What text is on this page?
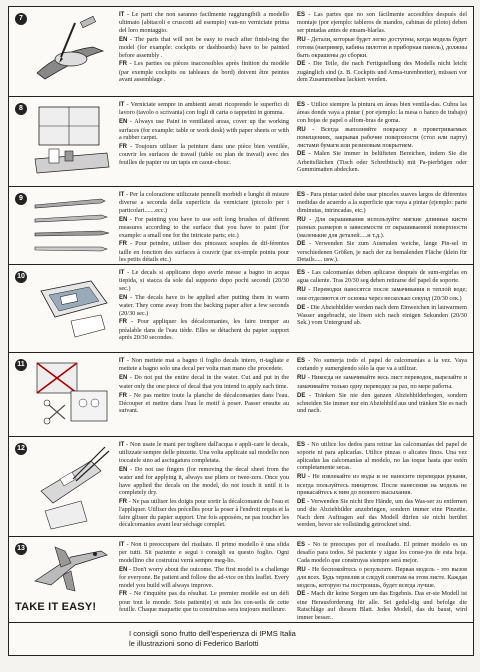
7	IT - Le parti che non saranno facilmente raggiungibili a modello ultimato (abitacoli e cruscotti ad esempio) van-no verniciate prima del loro montaggio.

EN - The parts that will not be easy to reach after finish-ing the model (for example: cockpits or dashboards) have to be painted before assembly .

FR - Les parties ou pièces inaccessibles après finition du modèle (par exemple cockpits ou tableaux de bord) doivent être peintes avant assemblage .

ES - Las partes que no son fácilmente accesibles después del montaje (por ejemplo: tableros de mandos, cabinas de piloto) deben ser pintadas antes de ensam-blarlas.

RU - Детали, которые будет легко доступны, когда модель будет готова (например, кабина пилотов и приборная панель), должны быть окрашены до сборки.

DE - Die Teile, die nach Fertigstellung des Modells nicht leicht zugänglich sind (z. B. Cockpits und Arma-turenbretter), müssen vor dem Zusammenbau lackiert werden.

8	IT - Verniciate sempre in ambienti aerati ricoprendo le superfici di lavoro (tavolo o scrivania) con fogli di carta o tappetini in gomma.

EN - Always use Paint in ventilated areas, cover up the working surfaces (for example: table or work desk) with paper sheets or with a rubber carpet.

FR - Toujours utiliser la peinture dans une pièce bien ventilée, couvrir les surfaces de travail (table ou plan de travail) avec des feuilles de papier ou un tapis en caout-chouc.

ES - Utilice siempre la pintura en áreas bien ventila-das. Cubra las áreas donde vaya a pintar ( por ejemplo: la mesa o banco de trabajo) con hojas de papel o alfom-bras de goma.

RU - Всегда выполняйте покраску в проветриваемых помещениях, закрывая рабочие поверхности (стол или парту) листами бумаги или резиновым покрытием.

DE - Malen Sie immer in belüfteten Bereichen, indem Sie die Arbeitsflächen (Tisch oder Schreibtisch) mit Pa-pierbögen oder Gummimatten abdecken.

9	IT - Per la colorazione utilizzate pennelli morbidi e lunghi di misure diverse a seconda della superficie da verniciare (piccolo per i particolari.......ecc.)

EN - For painting you have to use soft long brushes of different measures according to the surface that you have to paint (for example: a small one for the intricate parts; etc.)

FR - Pour peindre, utiliser des pinceaux souples de dif-férentes taille en fonction des surfaces à couvrir (par ex-emple pointu pour les petits détails etc.)

ES - Para pintar usted debe usar pinceles suaves largos de diferentes medidas de acuerdo a la superficie que vaya a pintar (ejemplo: parte diminutas, intrincadas, etc.)

RU - Для окрашивания используйте мягкие длинные кисти разных размеров в зависимости от окрашиваемой поверхности (маленькие для деталей.....и т.д.).

DE - Verwenden Sie zum Ausmalen weiche, lange Pin-sel in verschiedenen Größen, je nach der zu bemalenden Fläche (klein für Details..... usw.).

10	IT - Le decals si applicano dopo averle messe a bagno in acqua tiepida, si stacca da sole dal supporto dopo pochi secondi (20/30 sec.)

EN - The decals have to be applied after putting them in warm water. They come away from the backing paper after a few seconds (20/30 sec.)

FR - Pour appliquer les décalcomanies, les faire tremper au préalable dans de l'eau tiède. Elles se détachent du papier support après 20/30 secondes.

ES - Las calcomanías deben aplicarse después de sum-ergirlas en agua caliente. Tras 20/30 seg deben retirarse del papel de soporte.

RU - Переводки наносятся после замачивания в теплой воде; они отделяются от основы через несколько секунд (20/30 сек.)

DE - Die Abziehbilder werden nach dem Einweichen in lauwarmem Wasser angebracht, sie lösen sich nach einigen Sekunden (20/30 Sek.) vom Untergrund ab.

11	IT - Non mettete mai a bagno il foglio decals intero, ri-tagliate e mettete a bagno solo una decal per volta man mano che procedete.

EN - Do not put the entire decal in the water. Cut and put in the water only the one piece of decal that you intend to apply each time.

FR - Ne pas mettre toute la planche de décalcomanies dans l'eau. Découper et mettre dans l'eau le motif à poser. Passer ensuite au suivant.

ES - No sumerja todo el papel de calcomanías a la vez. Vaya cortando y sumergiendo sólo la que va a utilizar.

RU - Никогда не замачивайте весь лист переводок, вырезайте и замачивайте только одну переводку за раз, по мере работы.

DE - Tränken Sie nie den ganzen Abziehbilderbogen, sondern schneiden Sie immer nur ein Abziehbild aus und tränken Sie es nach und nach.

12	IT - Non usate le mani per togliere dall'acqua e appli-care le decals, utilizzate sempre delle pinzette. Una volta applicate sul modello non toccatele sino ad asciugatura completata.

EN - Do not use fingers (for removing the decal sheet from the water and for applying it, always use pliers or twee-zers. Once you have applied the decals on the model, do not touch it until it is completely dry.

FR - Ne pas utiliser les doigts pour sortir la décalcomanie de l'eau et l'appliquer. Utiliser des précelles pour la poser à l'endroit requis et la faire glisser du papier support. Une fois apposées, ne pas toucher les décalcomanies avant leur séchage complet.

ES - No utilice los dedos para retirar las calcomanías del papel de soporte ni para aplicarlas. Utilice pinzas o alicates finos. Una vez aplicadas las calcomanías al modelo, no las toque hasta que estén completamente secas.

RU - Не извлекайте из воды и не наносите переводки руками, всегда пользуйтесь пинцетом. После нанесения на модель не прикасайтесь к ним до полного высыхания.

DE - Verwenden Sie nicht Ihre Hände, um das Was-ser zu entfernen und die Abziehbilder anzubringen, sondern immer eine Pinzette. Nach dem Auftragen auf das Modell dürfen sie nicht berührt werden, bevor sie vollständig getrocknet sind.

13
TAKE IT EASY!

IT - Non ti preoccupare del risultato. Il primo modello è una sfida per tutti. Sii paziente e segui i consigli su questo foglio. Ogni modellino che costruirai verrà sempre meg-lio.

EN - Don't worry about the outcome. The first model is a challenge for everyone. Be patient and follow the ad-vice on this leaflet. Every model you build will always improve.

FR - Ne t'inquiète pas du résultat. Le premier modèle est un défi pour tout le monde. Sois patient(e) et suis les con-seils de cette feuille. Chaque maquette que tu construiras sera toujours meilleure.

ES - No te preocupes por el resultado. El primer modelo es un desafío para todos. Sé paciente y sigue los conse-jos de esta hoja. Cada modelo que construyas siempre será mejor.

RU - Не беспокойтесь о результате. Первая модель - это вызов для всех. Будь терпелив и следуй советам на этом листе. Каждая модель, которую ты построишь, будет всегда лучше.

DE - Mach dir keine Sorgen um das Ergebnis. Das er-ste Modell ist eine Herausforderung für alle. Sei gedul-dig und befolge die Ratschläge auf diesem Blatt. Jedes Modell, das du baust, wird immer besser..

I consigli sono frutto dell'esperienza di IPMS Italia
le illustrazioni sono di Federico Barlotti
